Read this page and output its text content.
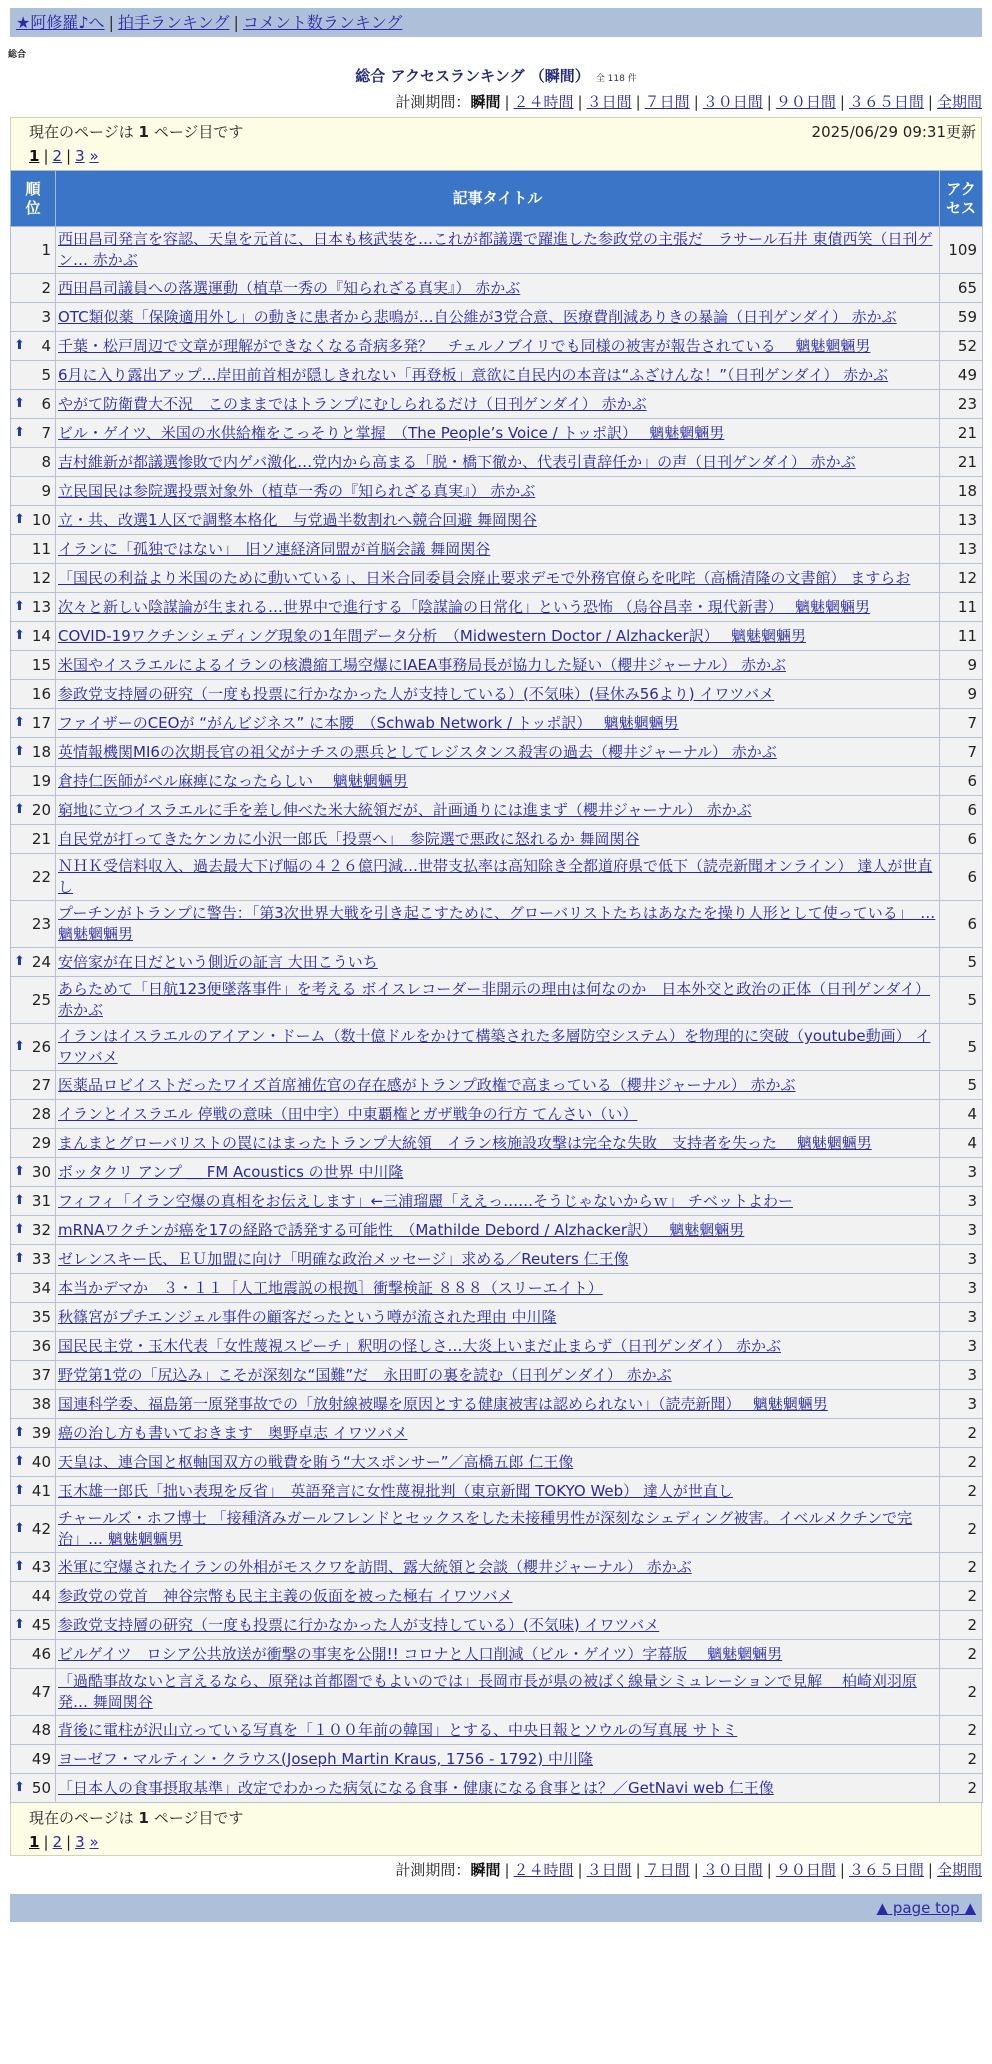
★阿修羅♪へ | 拍手ランキング | コメント数ランキング
総合
総合 アクセスランキング （瞬間） 全 118 件
計測期間：瞬間 | ２４時間 | ３日間 | ７日間 | ３０日間 | ９０日間 | ３６５日間 | 全期間
現在のページは 1 ページ目です	2025/06/29 09:31更新
1 | 2 | 3 »
順
位	記事タイトル	アク
セス
1	西田昌司発言を容認、天皇を元首に、日本も核武装を…これが都議選で躍進した参政党の主張だ　ラサール石井 東債西笑（日刊ゲン… 赤かぶ	109
2	西田昌司議員への落選運動（植草一秀の『知られざる真実』） 赤かぶ	65
3	OTC類似薬「保険適用外し」の動きに患者から悲鳴が…自公維が3党合意、医療費削減ありきの暴論（日刊ゲンダイ） 赤かぶ	59

⬆ 4	千葉・松戸周辺で文章が理解ができなくなる奇病多発？　チェルノブイリでも同様の被害が報告されている　 魑魅魍魎男	52
5	6月に入り露出アップ…岸田前首相が隠しきれない「再登板」意欲に自民内の本音は“ふざけんな！”（日刊ゲンダイ） 赤かぶ	49

⬆ 6	やがて防衛費大不況　このままではトランプにむしられるだけ（日刊ゲンダイ） 赤かぶ	23

⬆ 7	ビル・ゲイツ、米国の水供給権をこっそりと掌握　（The People’s Voice / トッポ訳）　 魑魅魍魎男	21
8	吉村維新が都議選惨敗で内ゲバ激化…党内から高まる「脱・橋下徹か、代表引責辞任か」の声（日刊ゲンダイ） 赤かぶ	21
9	立民国民は参院選投票対象外（植草一秀の『知られざる真実』） 赤かぶ	18

⬆ 10	立・共、改選1人区で調整本格化　与党過半数割れへ競合回避 舞岡関谷	13
11	イランに「孤独ではない」　旧ソ連経済同盟が首脳会議 舞岡関谷	13
12	「国民の利益より米国のために動いている」、日米合同委員会廃止要求デモで外務官僚らを叱咤（高橋清隆の文書館） ますらお	12

⬆ 13	次々と新しい陰謀論が生まれる…世界中で進行する「陰謀論の日常化」という恐怖 （烏谷昌幸・現代新書）　 魑魅魍魎男	11

⬆ 14	COVID-19ワクチンシェディング現象の1年間データ分析　（Midwestern Doctor / Alzhacker訳）　 魑魅魍魎男	11
15	米国やイスラエルによるイランの核濃縮工場空爆にIAEA事務局長が協力した疑い（櫻井ジャーナル） 赤かぶ	9
16	参政党支持層の研究（一度も投票に行かなかった人が支持している）(不気味）(昼休み56より) イワツバメ	9

⬆ 17	ファイザーのCEOが “がんビジネス” に本腰　（Schwab Network / トッポ訳）　 魑魅魍魎男	7

⬆ 18	英情報機関MI6の次期長官の祖父がナチスの悪兵としてレジスタンス殺害の過去（櫻井ジャーナル） 赤かぶ	7
19	倉持仁医師がベル麻痺になったらしい　 魑魅魍魎男	6

⬆ 20	窮地に立つイスラエルに手を差し伸べた米大統領だが、計画通りには進まず（櫻井ジャーナル） 赤かぶ	6
21	自民党が打ってきたケンカに小沢一郎氏「投票へ」　参院選で悪政に怒れるか 舞岡関谷	6
22	ＮＨＫ受信料収入、過去最大下げ幅の４２６億円減…世帯支払率は高知除き全都道府県で低下（読売新聞オンライン） 達人が世直し	6
23	プーチンがトランプに警告：「第3次世界大戦を引き起こすために、グローバリストたちはあなたを操り人形として使っている」　… 魑魅魍魎男	6

⬆ 24	安倍家が在日だという側近の証言 大田こういち	5
25	あらためて「日航123便墜落事件」を考える ボイスレコーダー非開示の理由は何なのか　日本外交と政治の正体（日刊ゲンダイ） 赤かぶ	5

⬆ 26	イランはイスラエルのアイアン・ドーム（数十億ドルをかけて構築された多層防空システム）を物理的に突破（youtube動画） イワツバメ	5
27	医薬品ロビイストだったワイズ首席補佐官の存在感がトランプ政権で高まっている（櫻井ジャーナル） 赤かぶ	5
28	イランとイスラエル 停戦の意味（田中宇）中東覇権とガザ戦争の行方 てんさい（い）	4
29	まんまとグローバリストの罠にはまったトランプ大統領　イラン核施設攻撃は完全な失敗　支持者を失った　 魑魅魍魎男	4

⬆ 30	ボッタクリ アンプ ＿ FM Acoustics の世界 中川隆	3

⬆ 31	フィフィ「イラン空爆の真相をお伝えします」←三浦瑠麗「ええっ……そうじゃないからｗ」 チベットよわー	3

⬆ 32	mRNAワクチンが癌を17の経路で誘発する可能性　（Mathilde Debord / Alzhacker訳）　 魑魅魍魎男	3

⬆ 33	ゼレンスキー氏、ＥＵ加盟に向け「明確な政治メッセージ」求める／Reuters 仁王像	3
34	本当かデマか　３・１１［人工地震説の根拠］衝撃検証 ８８８（スリーエイト）	3
35	秋篠宮がプチエンジェル事件の顧客だったという噂が流された理由 中川隆	3
36	国民民主党・玉木代表「女性蔑視スピーチ」釈明の怪しさ…大炎上いまだ止まらず（日刊ゲンダイ） 赤かぶ	3
37	野党第1党の「尻込み」こそが深刻な“国難”だ　永田町の裏を読む（日刊ゲンダイ） 赤かぶ	3
38	国連科学委、福島第一原発事故での「放射線被曝を原因とする健康被害は認められない」（読売新聞）　 魑魅魍魎男	3

⬆ 39	癌の治し方も書いておきます　奥野卓志 イワツバメ	2

⬆ 40	天皇は、連合国と枢軸国双方の戦費を賄う“大スポンサー”／高橋五郎 仁王像	2

⬆ 41	玉木雄一郎氏「拙い表現を反省」　英語発言に女性蔑視批判（東京新聞 TOKYO Web） 達人が世直し	2

⬆ 42	チャールズ・ホフ博士 「接種済みガールフレンドとセックスをした未接種男性が深刻なシェディング被害。イベルメクチンで完治」… 魑魅魍魎男	2

⬆ 43	米軍に空爆されたイランの外相がモスクワを訪問、露大統領と会談（櫻井ジャーナル） 赤かぶ	2
44	参政党の党首　神谷宗幣も民主主義の仮面を被った極右 イワツバメ	2

⬆ 45	参政党支持層の研究（一度も投票に行かなかった人が支持している）(不気味) イワツバメ	2
46	ビルゲイツ　ロシア公共放送が衝撃の事実を公開!! コロナと人口削減（ビル・ゲイツ）字幕版　 魑魅魍魎男	2
47	「過酷事故ないと言えるなら、原発は首都圏でもよいのでは」長岡市長が県の被ばく線量シミュレーションで見解　 柏崎刈羽原発… 舞岡関谷	2
48	背後に電柱が沢山立っている写真を「１００年前の韓国」とする、中央日報とソウルの写真展 サトミ	2
49	ヨーゼフ・マルティン・クラウス(Joseph Martin Kraus, 1756 - 1792) 中川隆	2

⬆ 50	「日本人の食事摂取基準」改定でわかった病気になる食事・健康になる食事とは？／GetNavi web 仁王像	2
現在のページは 1 ページ目です
1 | 2 | 3 »
計測期間：瞬間 | ２４時間 | ３日間 | ７日間 | ３０日間 | ９０日間 | ３６５日間 | 全期間
▲ page top ▲
